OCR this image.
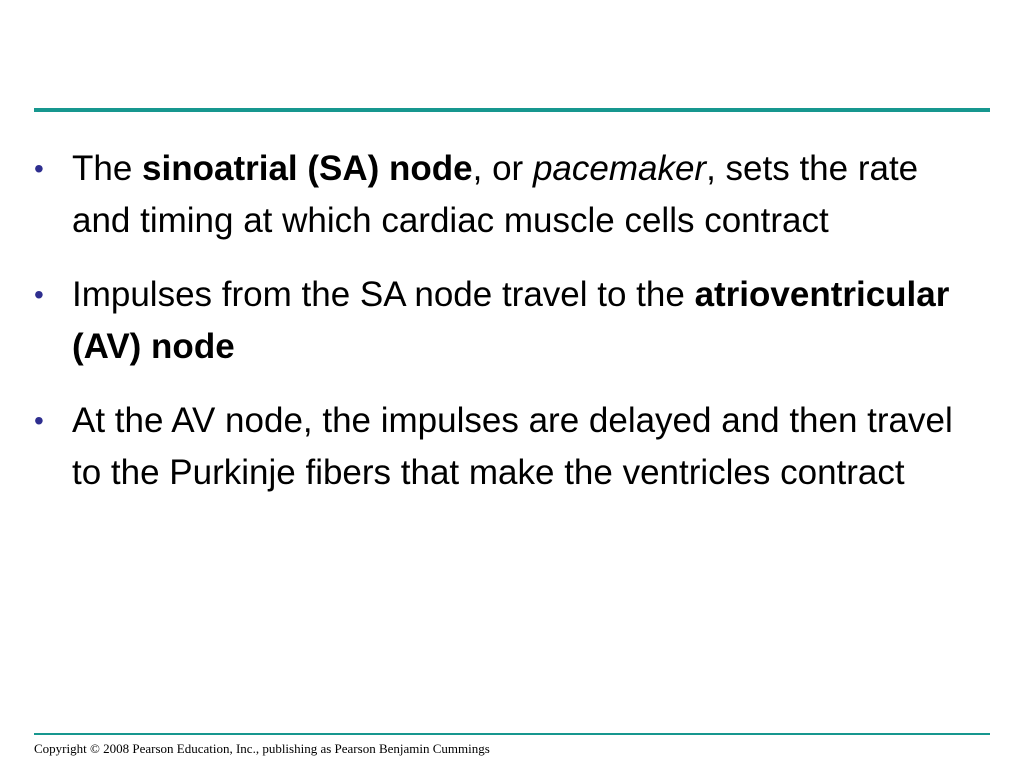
• The sinoatrial (SA) node, or pacemaker, sets the rate and timing at which cardiac muscle cells contract
• Impulses from the SA node travel to the atrioventricular (AV) node
• At the AV node, the impulses are delayed and then travel to the Purkinje fibers that make the ventricles contract
Copyright © 2008 Pearson Education, Inc., publishing as Pearson Benjamin Cummings
